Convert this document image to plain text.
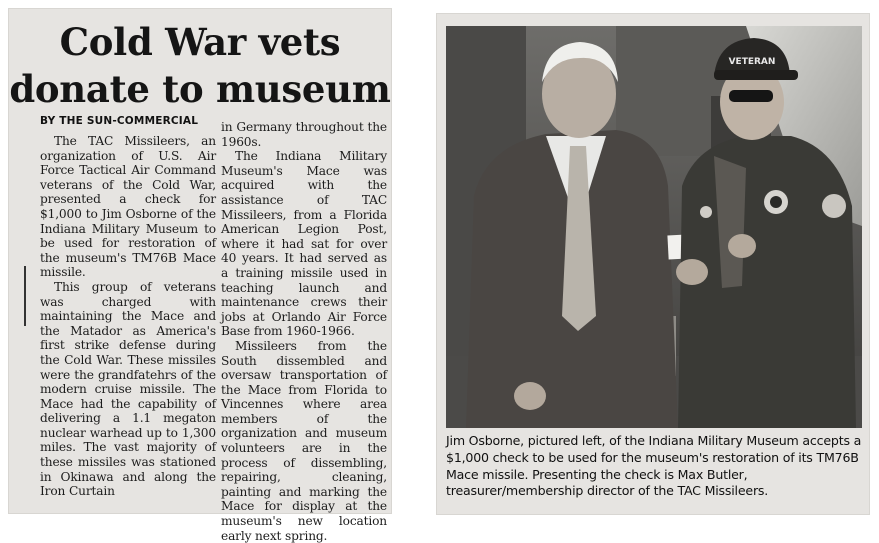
Cold War vets
donate to museum
BY THE SUN-COMMERCIAL

The TAC Missileers, an organization of U.S. Air Force Tactical Air Command veterans of the Cold War, presented a check for $1,000 to Jim Osborne of the Indiana Military Museum to be used for restoration of the museum's TM76B Mace missile.

This group of veterans was charged with maintaining the Mace and the Matador as America's first strike defense during the Cold War. These missiles were the grandfatehrs of the modern cruise missile. The Mace had the capability of delivering a 1.1 megaton nuclear warhead up to 1,300 miles. The vast majority of these missiles was stationed in Okinawa and along the Iron Curtain

in Germany throughout the 1960s.

The Indiana Military Museum's Mace was acquired with the assistance of TAC Missileers, from a Florida American Legion Post, where it had sat for over 40 years. It had served as a training missile used in teaching launch and maintenance crews their jobs at Orlando Air Force Base from 1960-1966.

Missileers from the South dissembled and oversaw transportation of the Mace from Florida to Vincennes where area members of the organization and museum volunteers are in the process of dissembling, repairing, cleaning, painting and marking the Mace for display at the museum's new location early next spring.

VETERAN
Jim Osborne, pictured left, of the Indiana Military Museum accepts a $1,000 check to be used for the museum's restoration of its TM76B Mace missile. Presenting the check is Max Butler, treasurer/membership director of the TAC Missileers.
